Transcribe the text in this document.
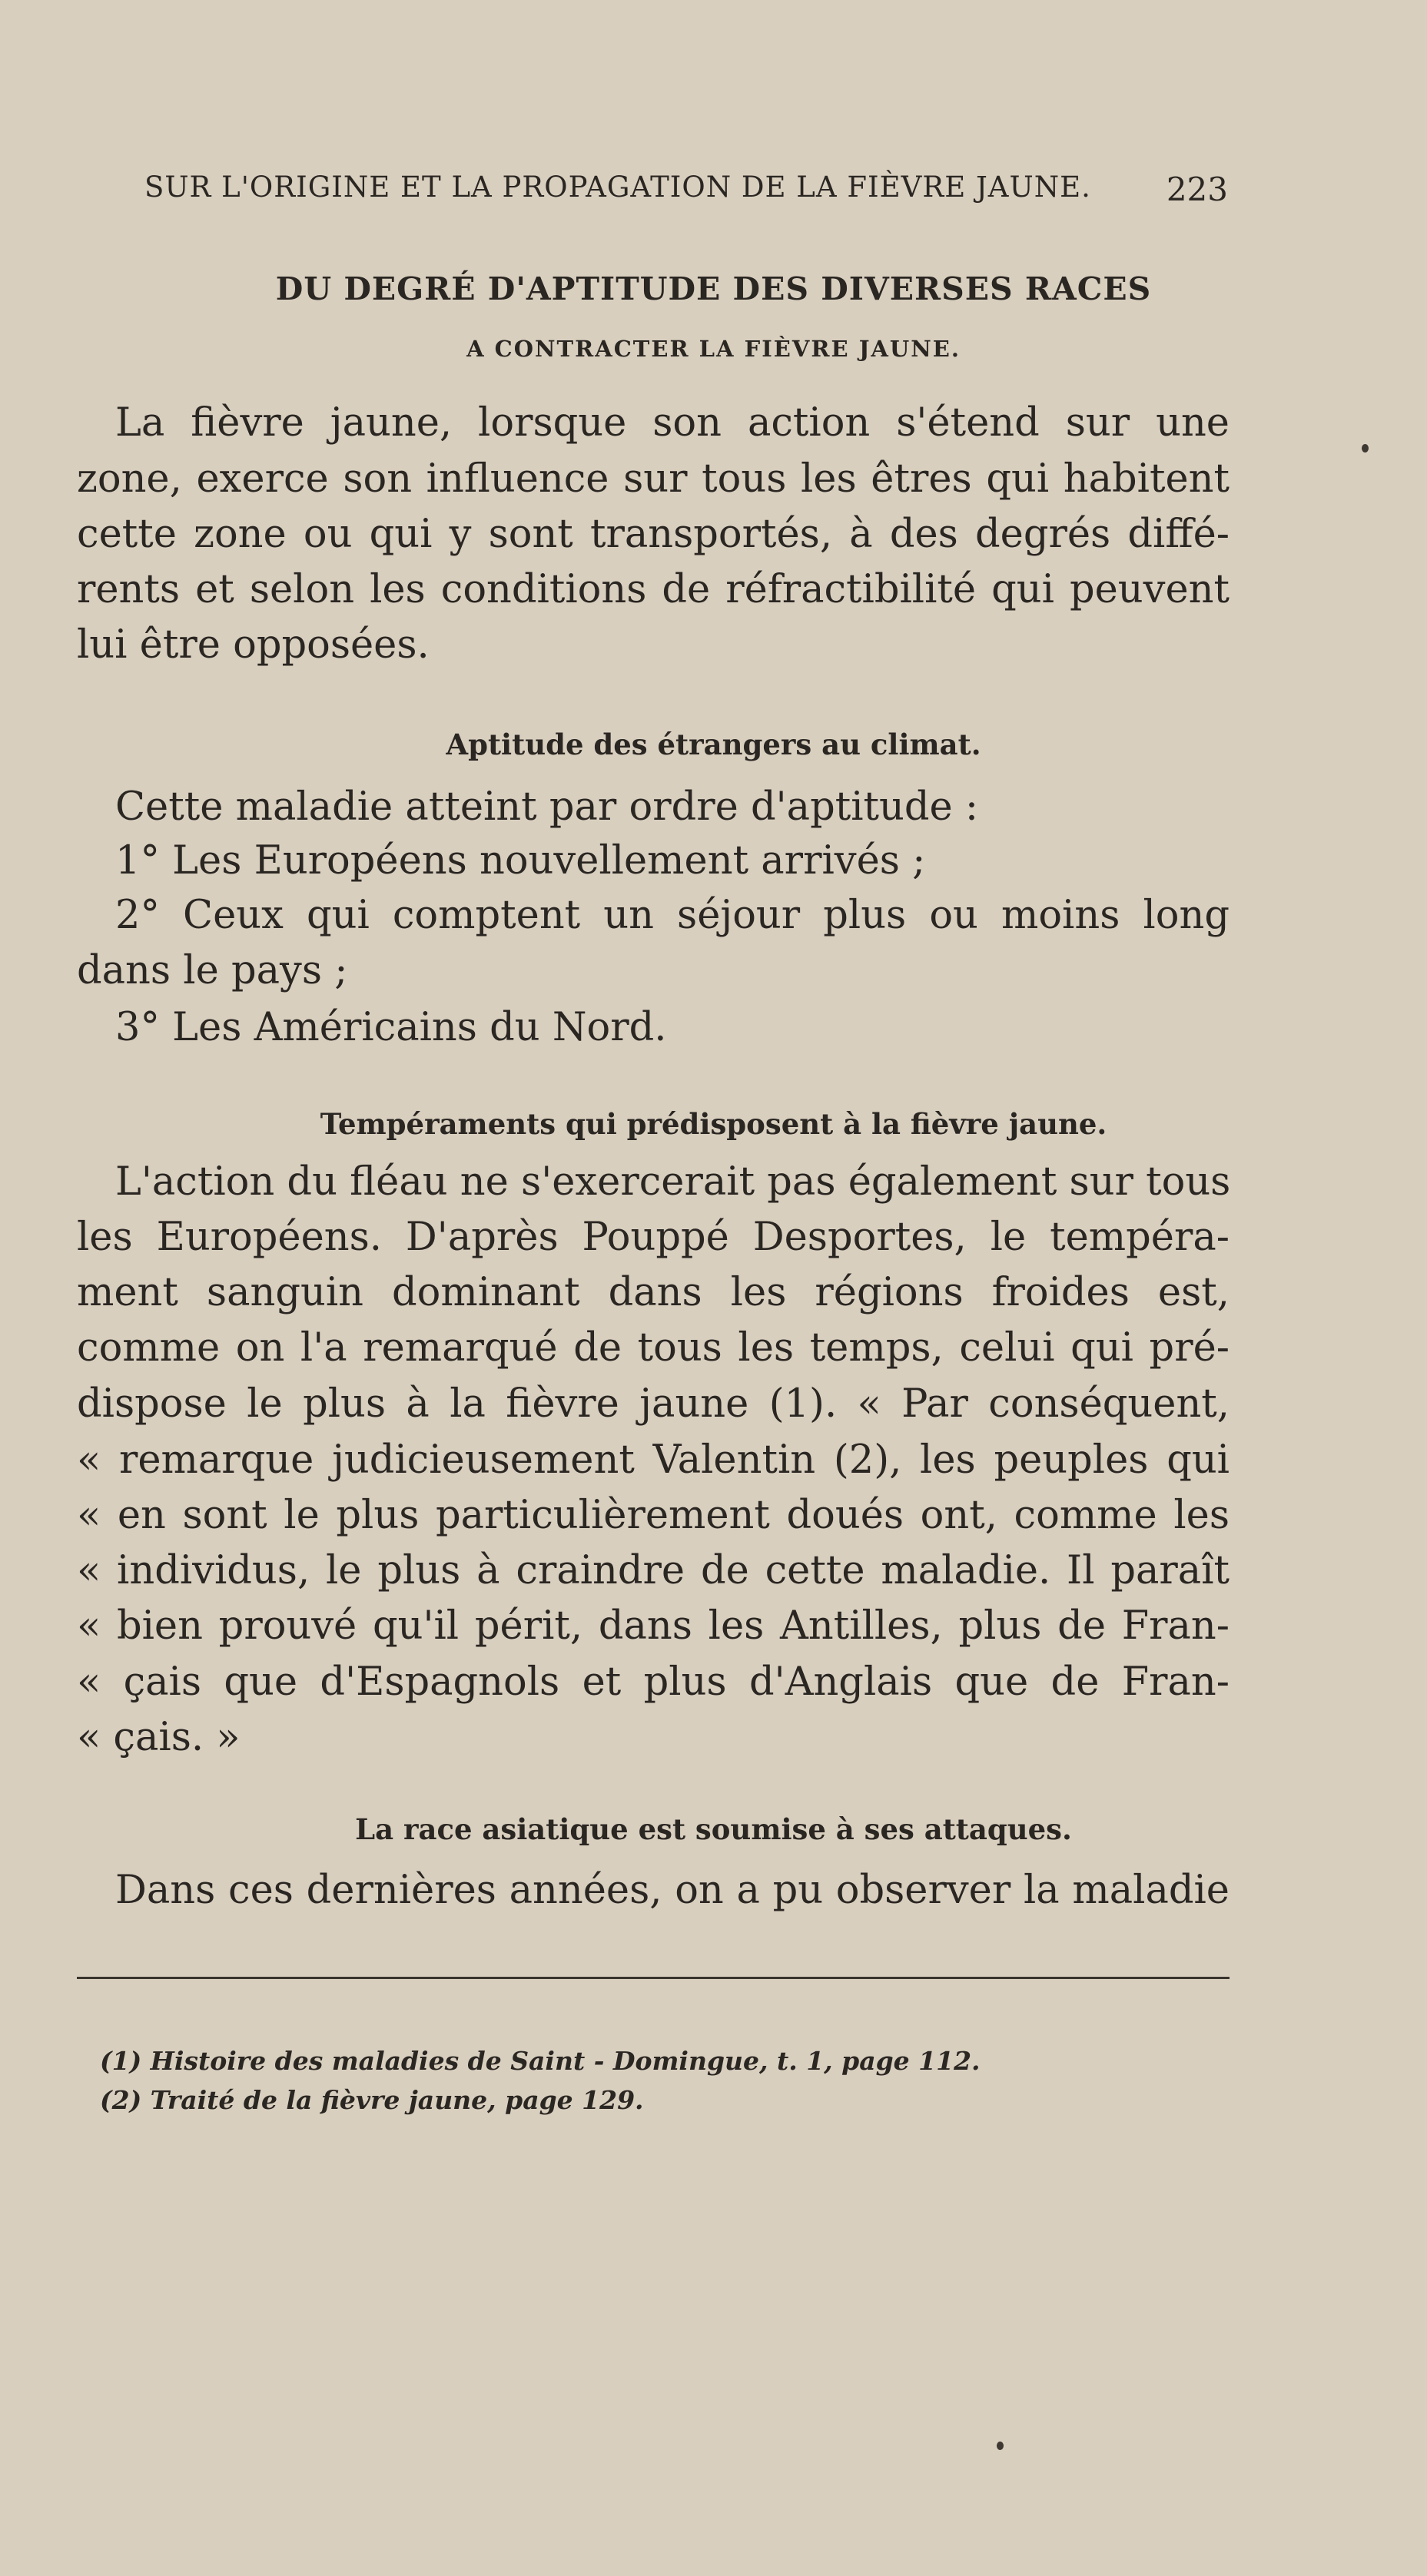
SUR L'ORIGINE ET LA PROPAGATION DE LA FIÈVRE JAUNE. 223
DU DEGRÉ D'APTITUDE DES DIVERSES RACES
A CONTRACTER LA FIÈVRE JAUNE.
La fièvre jaune, lorsque son action s'étend sur une
zone, exerce son influence sur tous les êtres qui habitent
cette zone ou qui y sont transportés, à des degrés diffé-
rents et selon les conditions de réfractibilité qui peuvent
lui être opposées.
Aptitude des étrangers au climat.
Cette maladie atteint par ordre d'aptitude :
1° Les Européens nouvellement arrivés ;
2° Ceux qui comptent un séjour plus ou moins long
dans le pays ;
3° Les Américains du Nord.
Tempéraments qui prédisposent à la fièvre jaune.
L'action du fléau ne s'exercerait pas également sur tous
les Européens. D'après Pouppé Desportes, le tempéra-
ment sanguin dominant dans les régions froides est,
comme on l'a remarqué de tous les temps, celui qui pré-
dispose le plus à la fièvre jaune (1). « Par conséquent,
« remarque judicieusement Valentin (2), les peuples qui
« en sont le plus particulièrement doués ont, comme les
« individus, le plus à craindre de cette maladie. Il paraît
« bien prouvé qu'il périt, dans les Antilles, plus de Fran-
« çais que d'Espagnols et plus d'Anglais que de Fran-
« çais. »
La race asiatique est soumise à ses attaques.
Dans ces dernières années, on a pu observer la maladie
(1) Histoire des maladies de Saint - Domingue, t. 1, page 112.
(2) Traité de la fièvre jaune, page 129.
